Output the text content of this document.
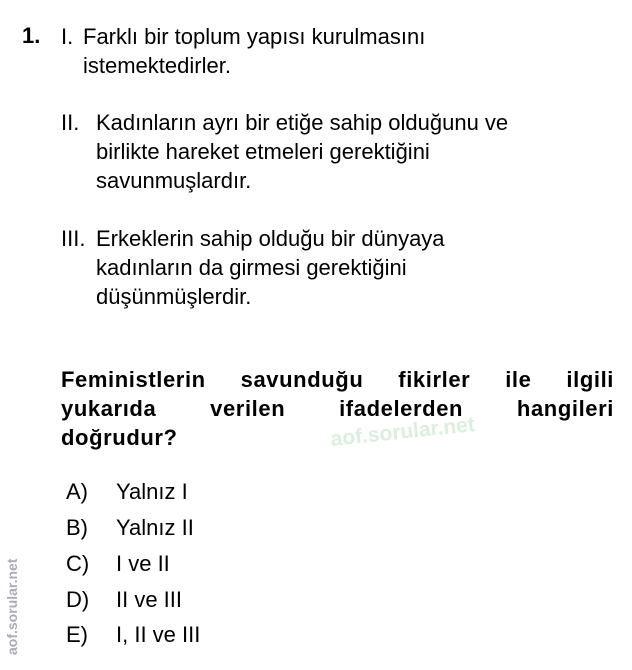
1. I. Farklı bir toplum yapısı kurulmasını
istemektedirler.
II. Kadınların ayrı bir etiğe sahip olduğunu ve
birlikte hareket etmeleri gerektiğini
savunmuşlardır.
III. Erkeklerin sahip olduğu bir dünyaya
kadınların da girmesi gerektiğini
düşünmüşlerdir.
Feministlerin savunduğu fikirler ile ilgili
yukarıda verilen ifadelerden hangileri
doğrudur?	aof.sorular.net
A) Yalnız I
B) Yalnız II
C) I ve II
D) II ve III
E) I, II ve III
aof.sorular.net
